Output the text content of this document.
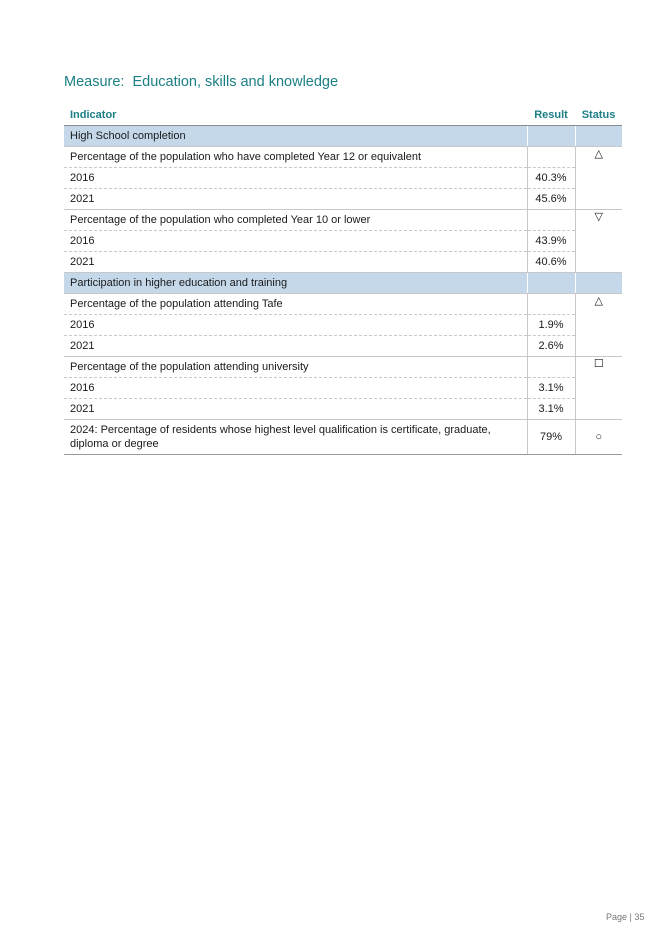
Measure:  Education, skills and knowledge
Indicator	Result	Status
High School completion		
Percentage of the population who have completed Year 12 or equivalent		△
2016	40.3%	
2021	45.6%	
Percentage of the population who completed Year 10 or lower		▽
2016	43.9%	
2021	40.6%	
Participation in higher education and training		
Percentage of the population attending Tafe		△
2016	1.9%	
2021	2.6%	
Percentage of the population attending university		☐
2016	3.1%	
2021	3.1%	
2024: Percentage of residents whose highest level qualification is certificate, graduate, diploma or degree	79%	○
Page | 35
